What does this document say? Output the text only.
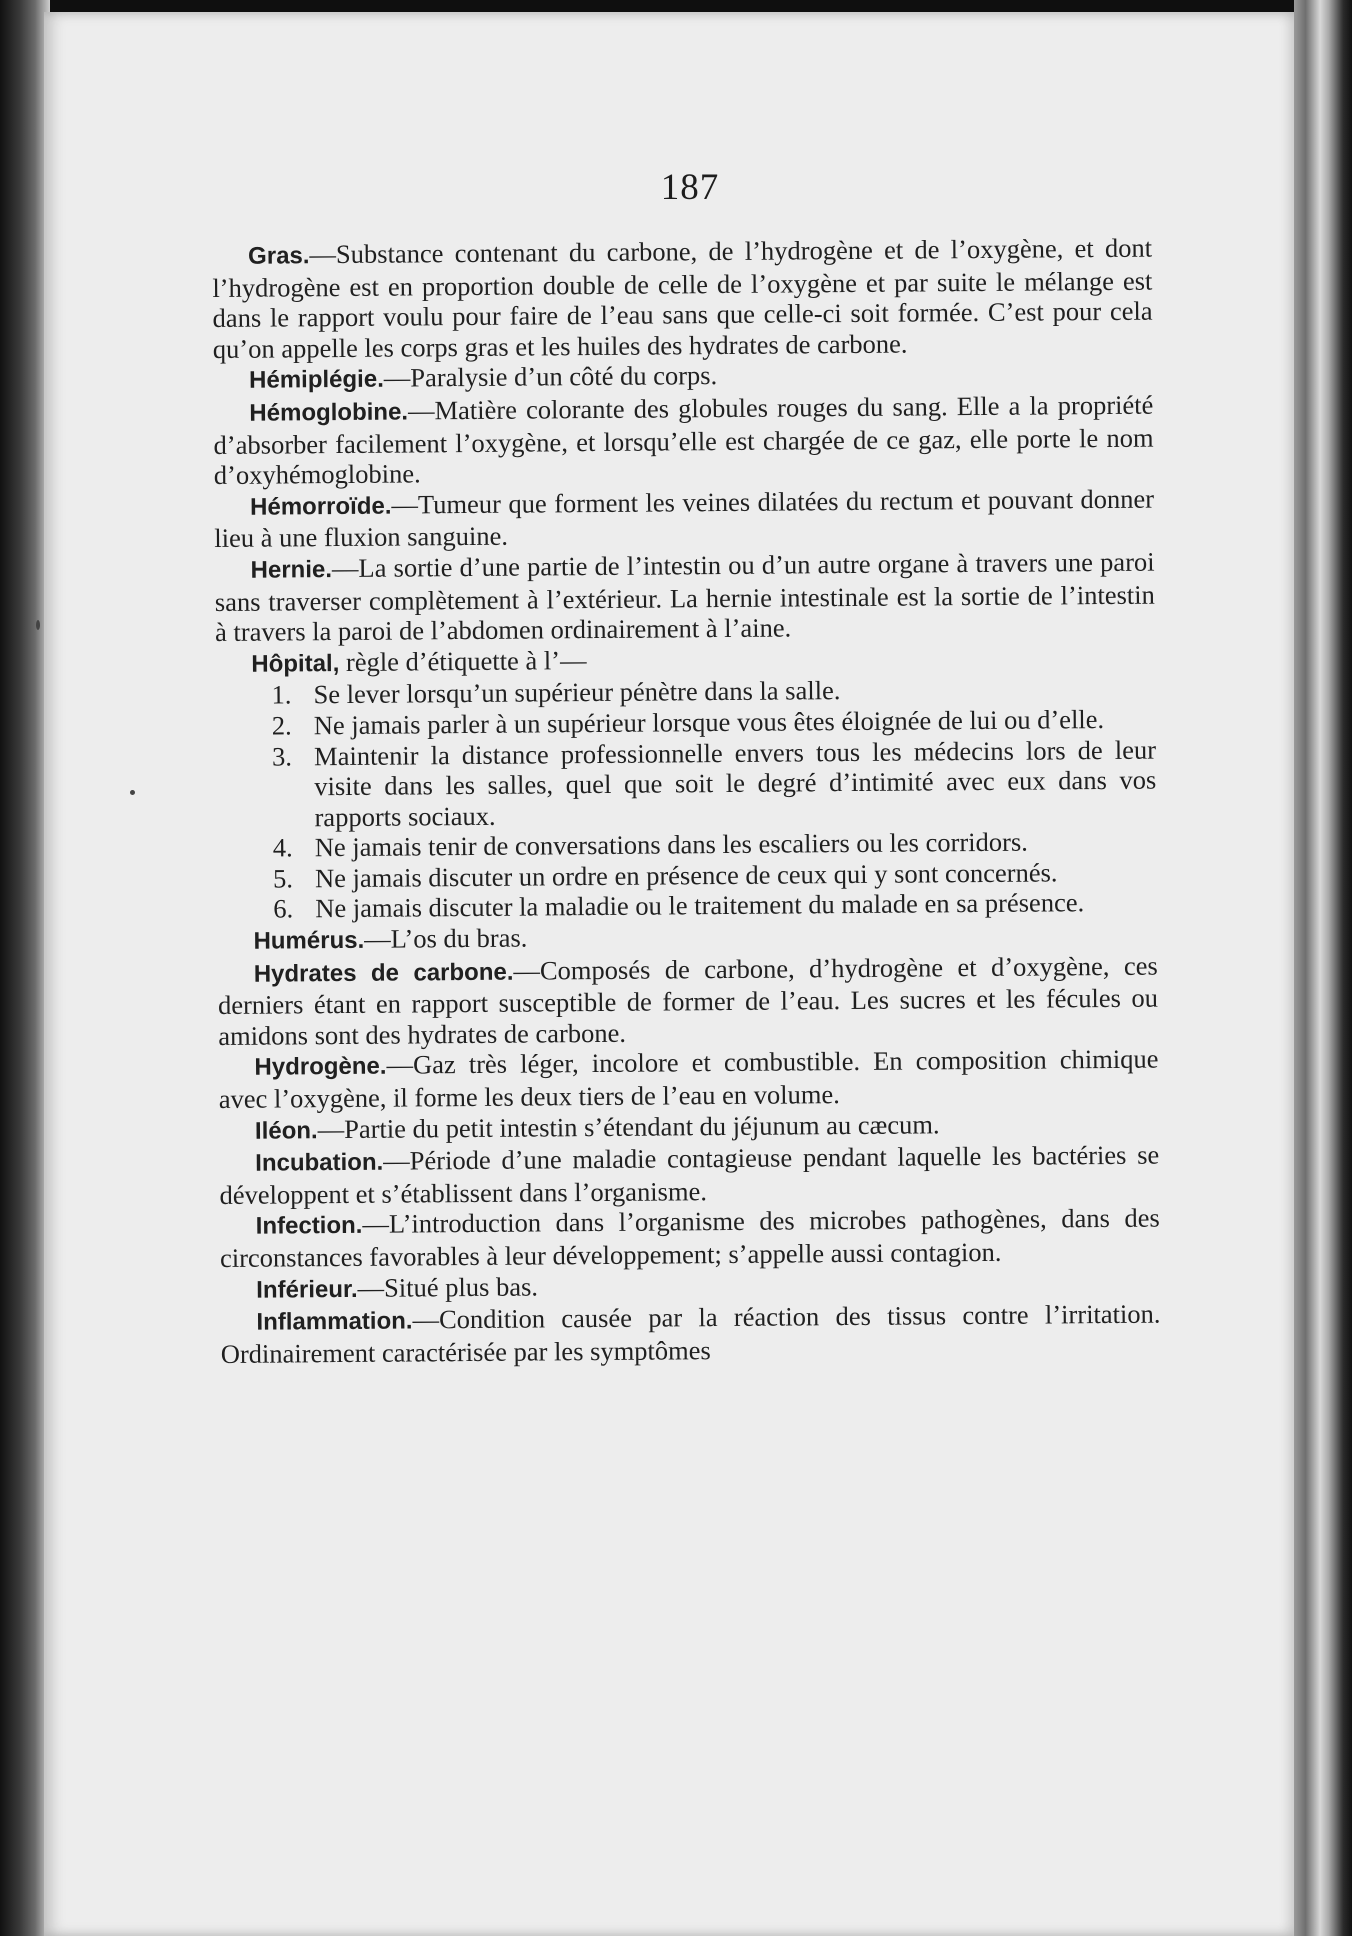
187

Gras.—Substance contenant du carbone, de l’hydrogène et de l’oxygène, et dont l’hydrogène est en proportion double de celle de l’oxygène et par suite le mélange est dans le rapport voulu pour faire de l’eau sans que celle-ci soit formée. C’est pour cela qu’on appelle les corps gras et les huiles des hydrates de carbone.

Hémiplégie.—Paralysie d’un côté du corps.

Hémoglobine.—Matière colorante des globules rouges du sang. Elle a la propriété d’absorber facilement l’oxygène, et lorsqu’elle est chargée de ce gaz, elle porte le nom d’oxyhémoglobine.

Hémorroïde.—Tumeur que forment les veines dilatées du rectum et pouvant donner lieu à une fluxion sanguine.

Hernie.—La sortie d’une partie de l’intestin ou d’un autre organe à travers une paroi sans traverser complètement à l’extérieur. La hernie intestinale est la sortie de l’intestin à travers la paroi de l’abdomen ordinairement à l’aine.

Hôpital, règle d’étiquette à l’—

1. Se lever lorsqu’un supérieur pénètre dans la salle.
2. Ne jamais parler à un supérieur lorsque vous êtes éloignée de lui ou d’elle.
3. Maintenir la distance professionnelle envers tous les médecins lors de leur visite dans les salles, quel que soit le degré d’intimité avec eux dans vos rapports sociaux.
4. Ne jamais tenir de conversations dans les escaliers ou les corridors.
5. Ne jamais discuter un ordre en présence de ceux qui y sont concernés.
6. Ne jamais discuter la maladie ou le traitement du malade en sa présence.

Humérus.—L’os du bras.

Hydrates de carbone.—Composés de carbone, d’hydrogène et d’oxygène, ces derniers étant en rapport susceptible de former de l’eau. Les sucres et les fécules ou amidons sont des hydrates de carbone.

Hydrogène.—Gaz très léger, incolore et combustible. En composition chimique avec l’oxygène, il forme les deux tiers de l’eau en volume.

Iléon.—Partie du petit intestin s’étendant du jéjunum au cæcum.

Incubation.—Période d’une maladie contagieuse pendant laquelle les bactéries se développent et s’établissent dans l’organisme.

Infection.—L’introduction dans l’organisme des microbes pathogènes, dans des circonstances favorables à leur développement; s’appelle aussi contagion.

Inférieur.—Situé plus bas.

Inflammation.—Condition causée par la réaction des tissus contre l’irritation. Ordinairement caractérisée par les symptômes
